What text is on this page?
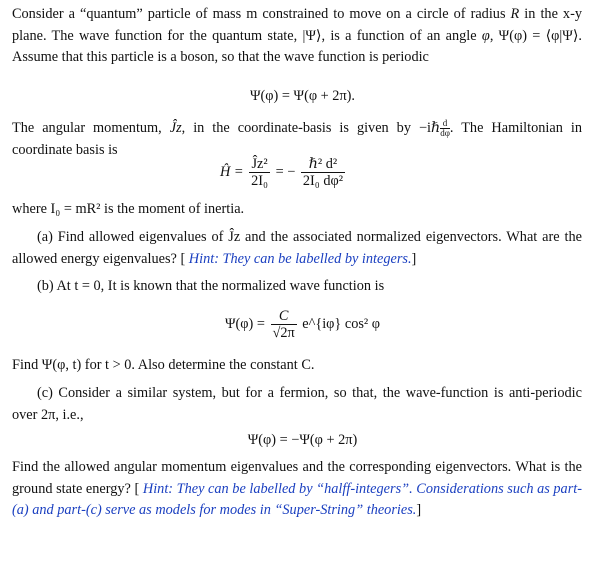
Consider a “quantum” particle of mass m constrained to move on a circle of radius R in the x-y plane. The wave function for the quantum state, |Ψ⟩, is a function of an angle φ, Ψ(φ) = ⟨φ|Ψ⟩. Assume that this particle is a boson, so that the wave function is periodic

Ψ(φ) = Ψ(φ + 2π).

The angular momentum, Ĵz, in the coordinate-basis is given by $-i\hbar\frac{d}{d\varphi}$ . The Hamiltonian in coordinate basis is

Ĥ = $\frac{\text{Ĵz²}}{\text{2I₀}}$ = − $\frac{\text{ℏ² d²}}{\text{2I₀ dφ²}}$

where I₀ = mR² is the moment of inertia.

(a) Find allowed eigenvalues of Ĵz and the associated normalized eigenvectors. What are the allowed energy eigenvalues? [ Hint: They can be labelled by integers.]

(b) At t = 0, It is known that the normalized wave function is

$\Psi(\varphi) = \frac{C}{√2\pi}$ e^{iφ} cos² φ

Find Ψ(φ, t) for t > 0. Also determine the constant C.

(c) Consider a similar system, but for a fermion, so that, the wave-function is anti-periodic over 2π, i.e.,

Ψ(φ) = −Ψ(φ + 2π)

Find the allowed angular momentum eigenvalues and the corresponding eigenvectors. What is the ground state energy? [ Hint: They can be labelled by “halff-integers”. Considerations such as part-(a) and part-(c) serve as models for modes in “Super-String” theories.]
